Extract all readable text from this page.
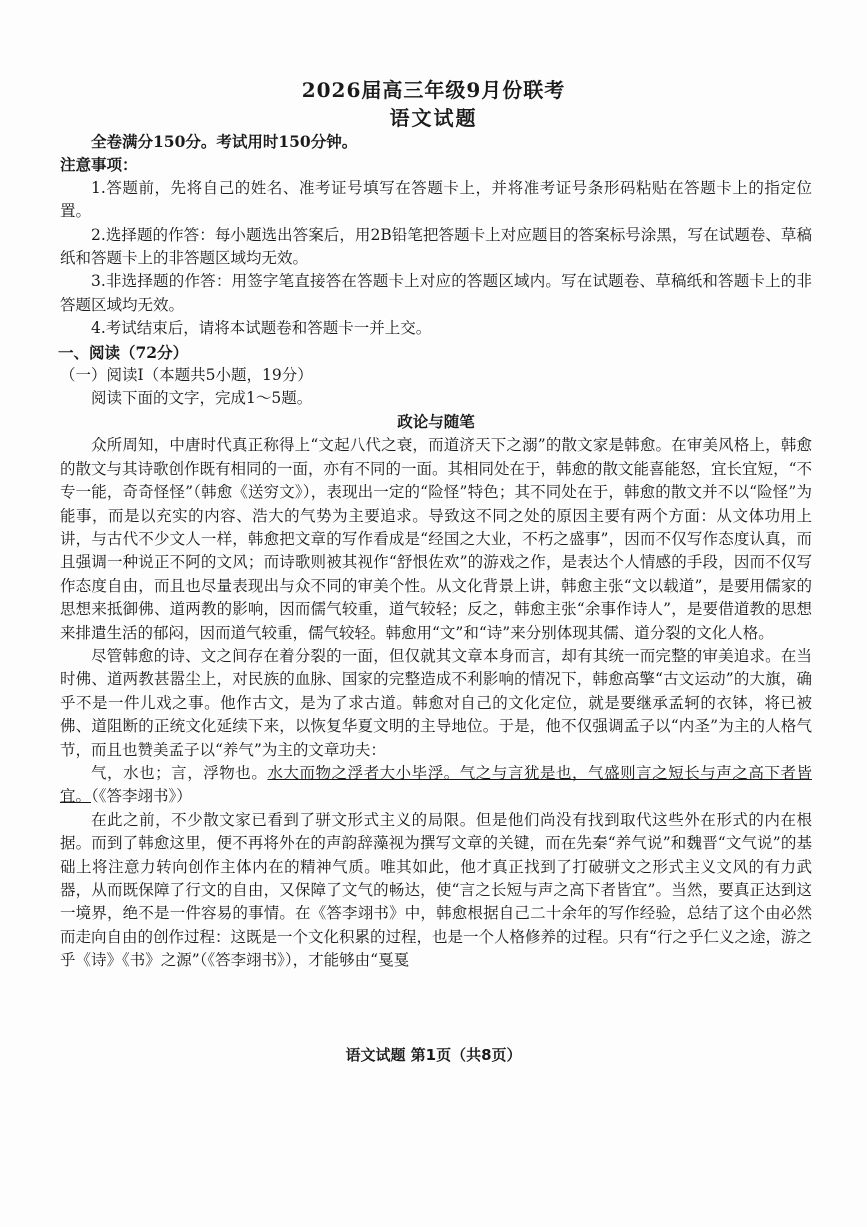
2026届高三年级9月份联考
语文试题

全卷满分150分。考试用时150分钟。

注意事项：

1.答题前，先将自己的姓名、准考证号填写在答题卡上，并将准考证号条形码粘贴在答题卡上的指定位置。

2.选择题的作答：每小题选出答案后，用2B铅笔把答题卡上对应题目的答案标号涂黑，写在试题卷、草稿纸和答题卡上的非答题区域均无效。

3.非选择题的作答：用签字笔直接答在答题卡上对应的答题区域内。写在试题卷、草稿纸和答题卡上的非答题区域均无效。

4.考试结束后，请将本试题卷和答题卡一并上交。

一、阅读（72分）

（一）阅读Ⅰ（本题共5小题，19分）

阅读下面的文字，完成1～5题。

政论与随笔

众所周知，中唐时代真正称得上“文起八代之衰，而道济天下之溺”的散文家是韩愈。在审美风格上，韩愈的散文与其诗歌创作既有相同的一面，亦有不同的一面。其相同处在于，韩愈的散文能喜能怒，宜长宜短，“不专一能，奇奇怪怪”（韩愈《送穷文》），表现出一定的“险怪”特色；其不同处在于，韩愈的散文并不以“险怪”为能事，而是以充实的内容、浩大的气势为主要追求。导致这不同之处的原因主要有两个方面：从文体功用上讲，与古代不少文人一样，韩愈把文章的写作看成是“经国之大业，不朽之盛事”，因而不仅写作态度认真，而且强调一种说正不阿的文风；而诗歌则被其视作“舒恨佐欢”的游戏之作，是表达个人情感的手段，因而不仅写作态度自由，而且也尽量表现出与众不同的审美个性。从文化背景上讲，韩愈主张“文以载道”，是要用儒家的思想来抵御佛、道两教的影响，因而儒气较重，道气较轻；反之，韩愈主张“余事作诗人”，是要借道教的思想来排遣生活的郁闷，因而道气较重，儒气较轻。韩愈用“文”和“诗”来分别体现其儒、道分裂的文化人格。

尽管韩愈的诗、文之间存在着分裂的一面，但仅就其文章本身而言，却有其统一而完整的审美追求。在当时佛、道两教甚嚣尘上，对民族的血脉、国家的完整造成不利影响的情况下，韩愈高擎“古文运动”的大旗，确乎不是一件儿戏之事。他作古文，是为了求古道。韩愈对自己的文化定位，就是要继承孟轲的衣钵，将已被佛、道阻断的正统文化延续下来，以恢复华夏文明的主导地位。于是，他不仅强调孟子以“内圣”为主的人格气节，而且也赞美孟子以“养气”为主的文章功夫：

气，水也；言，浮物也。水大而物之浮者大小毕浮。气之与言犹是也，气盛则言之短长与声之高下者皆宜。（《答李翊书》）

在此之前，不少散文家已看到了骈文形式主义的局限。但是他们尚没有找到取代这些外在形式的内在根据。而到了韩愈这里，便不再将外在的声韵辞藻视为撰写文章的关键，而在先秦“养气说”和魏晋“文气说”的基础上将注意力转向创作主体内在的精神气质。唯其如此，他才真正找到了打破骈文之形式主义文风的有力武器，从而既保障了行文的自由，又保障了文气的畅达，使“言之长短与声之高下者皆宜”。当然，要真正达到这一境界，绝不是一件容易的事情。在《答李翊书》中，韩愈根据自己二十余年的写作经验，总结了这个由必然而走向自由的创作过程：这既是一个文化积累的过程，也是一个人格修养的过程。只有“行之乎仁义之途，游之乎《诗》《书》之源”（《答李翊书》），才能够由“戛戛

语文试题 第1页（共8页）
